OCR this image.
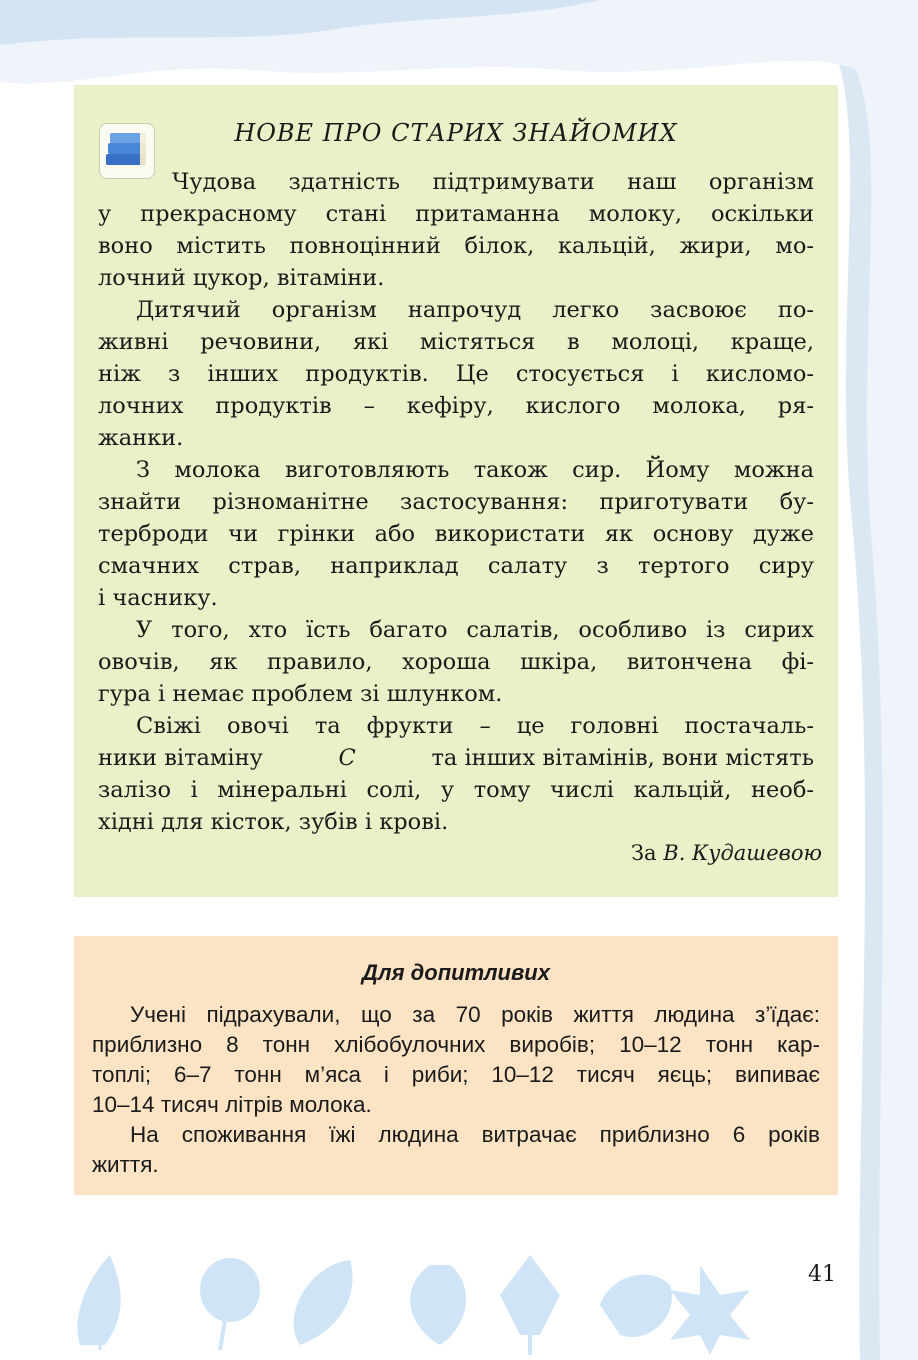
НОВЕ ПРО СТАРИХ ЗНАЙОМИХ
Чудова здатність підтримувати наш організм
у прекрасному стані притаманна молоку, оскільки
воно містить повноцінний білок, кальцій, жири, мо-
лочний цукор, вітаміни.
Дитячий організм напрочуд легко засвоює по-
живні речовини, які містяться в молоці, краще,
ніж з інших продуктів. Це стосується і кисломо-
лочних продуктів – кефіру, кислого молока, ря-
жанки.
З молока виготовляють також сир. Йому можна
знайти різноманітне застосування: приготувати бу-
терброди чи грінки або використати як основу дуже
смачних страв, наприклад салату з тертого сиру
і часнику.
У того, хто їсть багато салатів, особливо із сирих
овочів, як правило, хороша шкіра, витончена фі-
гура і немає проблем зі шлунком.
Свіжі овочі та фрукти – це головні постачаль-
ники вітаміну	С	та інших вітамінів, вони містять
залізо і мінеральні солі, у тому числі кальцій, необ-
хідні для кісток, зубів і крові.
За В. Кудашевою
Для допитливих
Учені підрахували, що за 70 років життя людина з’їдає:
приблизно 8 тонн хлібобулочних виробів; 10–12 тонн кар-
топлі; 6–7 тонн м’яса і риби; 10–12 тисяч яєць; випиває
10–14 тисяч літрів молока.
На споживання їжі людина витрачає приблизно 6 років
життя.
41
